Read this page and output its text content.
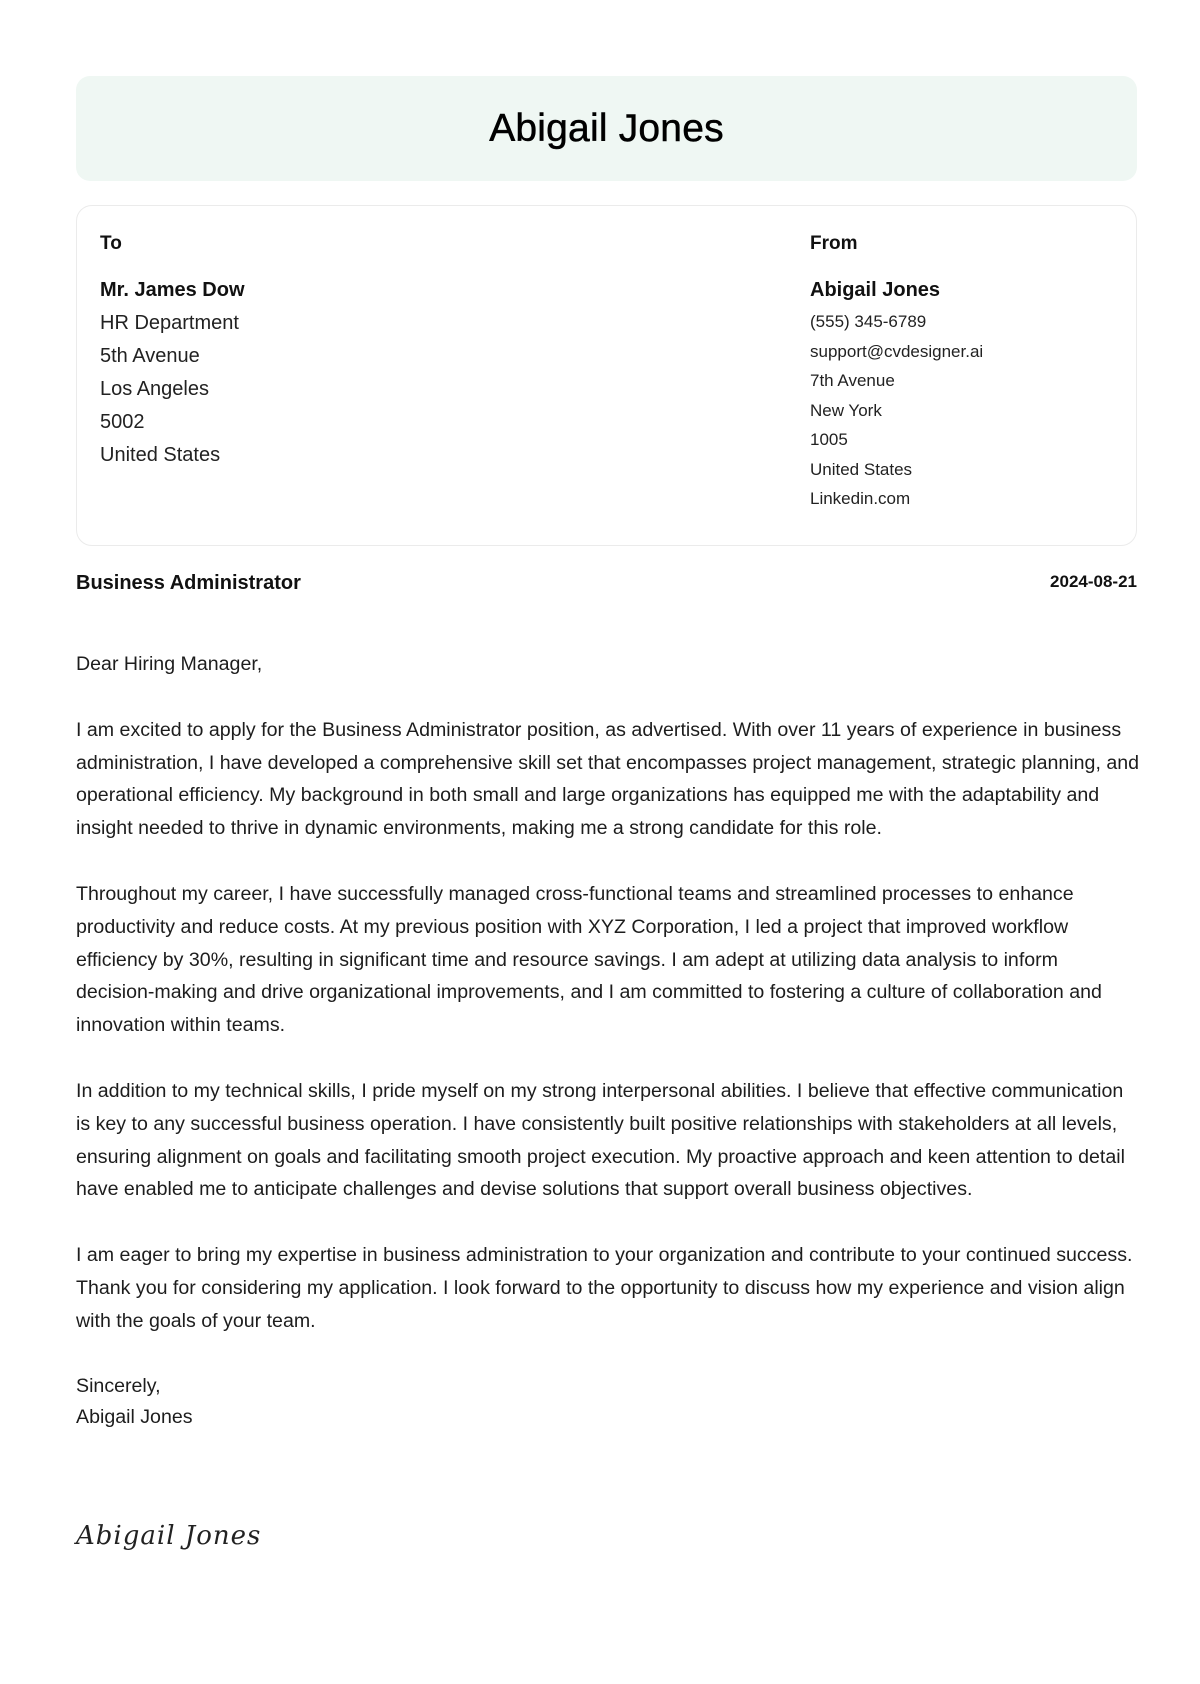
Abigail Jones

To

Mr. James Dow
HR Department
5th Avenue
Los Angeles
5002
United States

From

Abigail Jones
(555) 345-6789
support@cvdesigner.ai
7th Avenue
New York
1005
United States
Linkedin.com
Business Administrator	2024-08-21

Dear Hiring Manager,

I am excited to apply for the Business Administrator position, as advertised. With over 11 years of experience in business administration, I have developed a comprehensive skill set that encompasses project management, strategic planning, and operational efficiency. My background in both small and large organizations has equipped me with the adaptability and insight needed to thrive in dynamic environments, making me a strong candidate for this role.

Throughout my career, I have successfully managed cross-functional teams and streamlined processes to enhance productivity and reduce costs. At my previous position with XYZ Corporation, I led a project that improved workflow efficiency by 30%, resulting in significant time and resource savings. I am adept at utilizing data analysis to inform decision-making and drive organizational improvements, and I am committed to fostering a culture of collaboration and innovation within teams.

In addition to my technical skills, I pride myself on my strong interpersonal abilities. I believe that effective communication is key to any successful business operation. I have consistently built positive relationships with stakeholders at all levels, ensuring alignment on goals and facilitating smooth project execution. My proactive approach and keen attention to detail have enabled me to anticipate challenges and devise solutions that support overall business objectives.

I am eager to bring my expertise in business administration to your organization and contribute to your continued success. Thank you for considering my application. I look forward to the opportunity to discuss how my experience and vision align with the goals of your team.

Sincerely,
Abigail Jones
Abigail Jones
